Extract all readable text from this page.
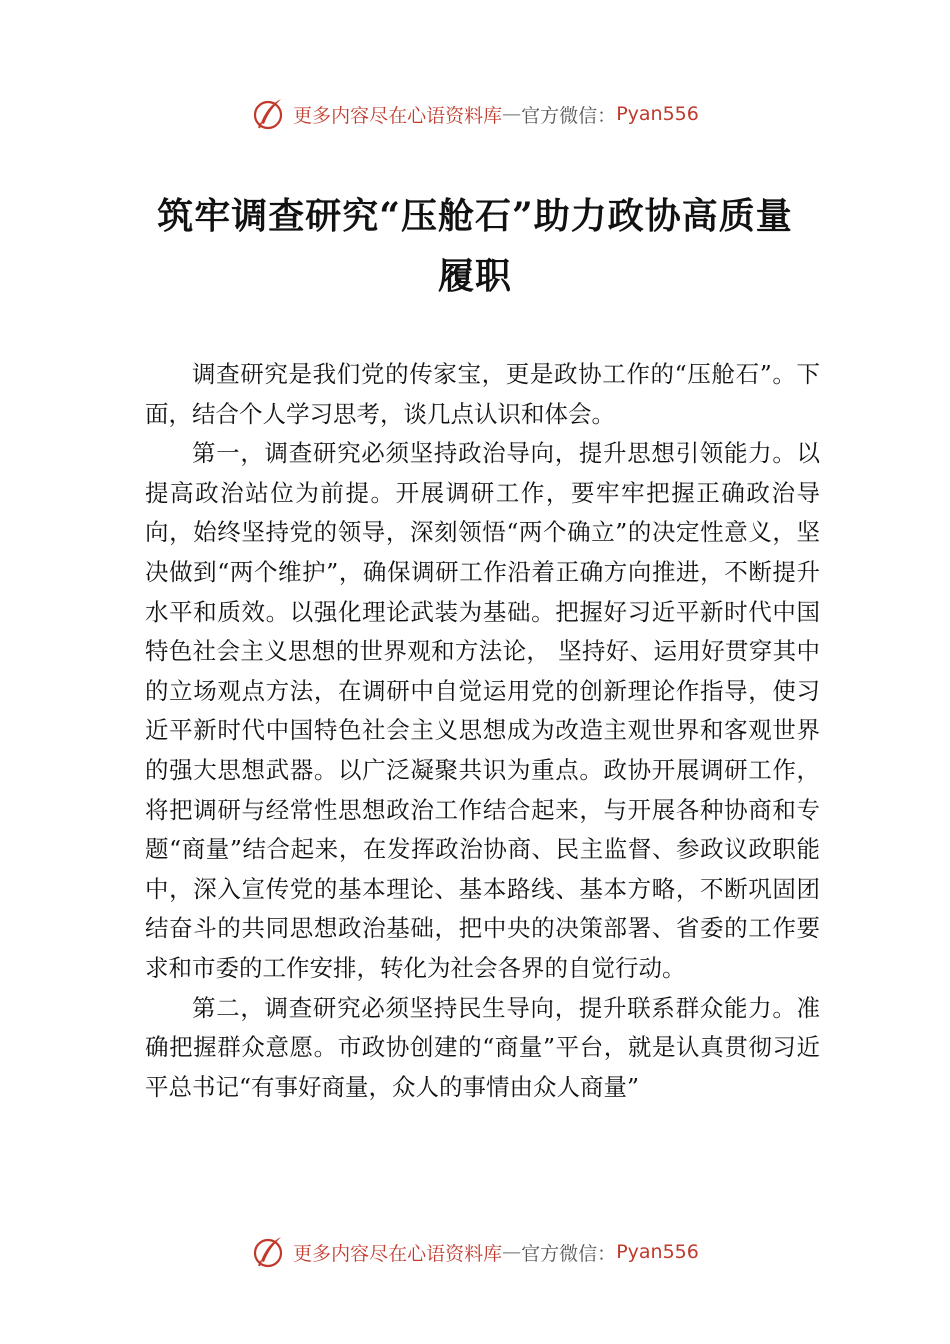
更多内容尽在心语资料库 — 官方微信： Pyan556
筑牢调查研究“压舱石”助力政协高质量履职

调查研究是我们党的传家宝，更是政协工作的“压舱石”。下面，结合个人学习思考，谈几点认识和体会。

第一，调查研究必须坚持政治导向，提升思想引领能力。以提高政治站位为前提。开展调研工作，要牢牢把握正确政治导向，始终坚持党的领导，深刻领悟“两个确立”的决定性意义，坚决做到“两个维护”，确保调研工作沿着正确方向推进，不断提升水平和质效。以强化理论武装为基础。把握好习近平新时代中国特色社会主义思想的世界观和方法论， 坚持好、运用好贯穿其中的立场观点方法，在调研中自觉运用党的创新理论作指导，使习近平新时代中国特色社会主义思想成为改造主观世界和客观世界的强大思想武器。以广泛凝聚共识为重点。政协开展调研工作，将把调研与经常性思想政治工作结合起来，与开展各种协商和专题“商量”结合起来，在发挥政治协商、民主监督、参政议政职能中，深入宣传党的基本理论、基本路线、基本方略，不断巩固团结奋斗的共同思想政治基础，把中央的决策部署、省委的工作要求和市委的工作安排，转化为社会各界的自觉行动。

第二，调查研究必须坚持民生导向，提升联系群众能力。准确把握群众意愿。市政协创建的“商量”平台，就是认真贯彻习近平总书记“有事好商量，众人的事情由众人商量”

更多内容尽在心语资料库 — 官方微信： Pyan556
